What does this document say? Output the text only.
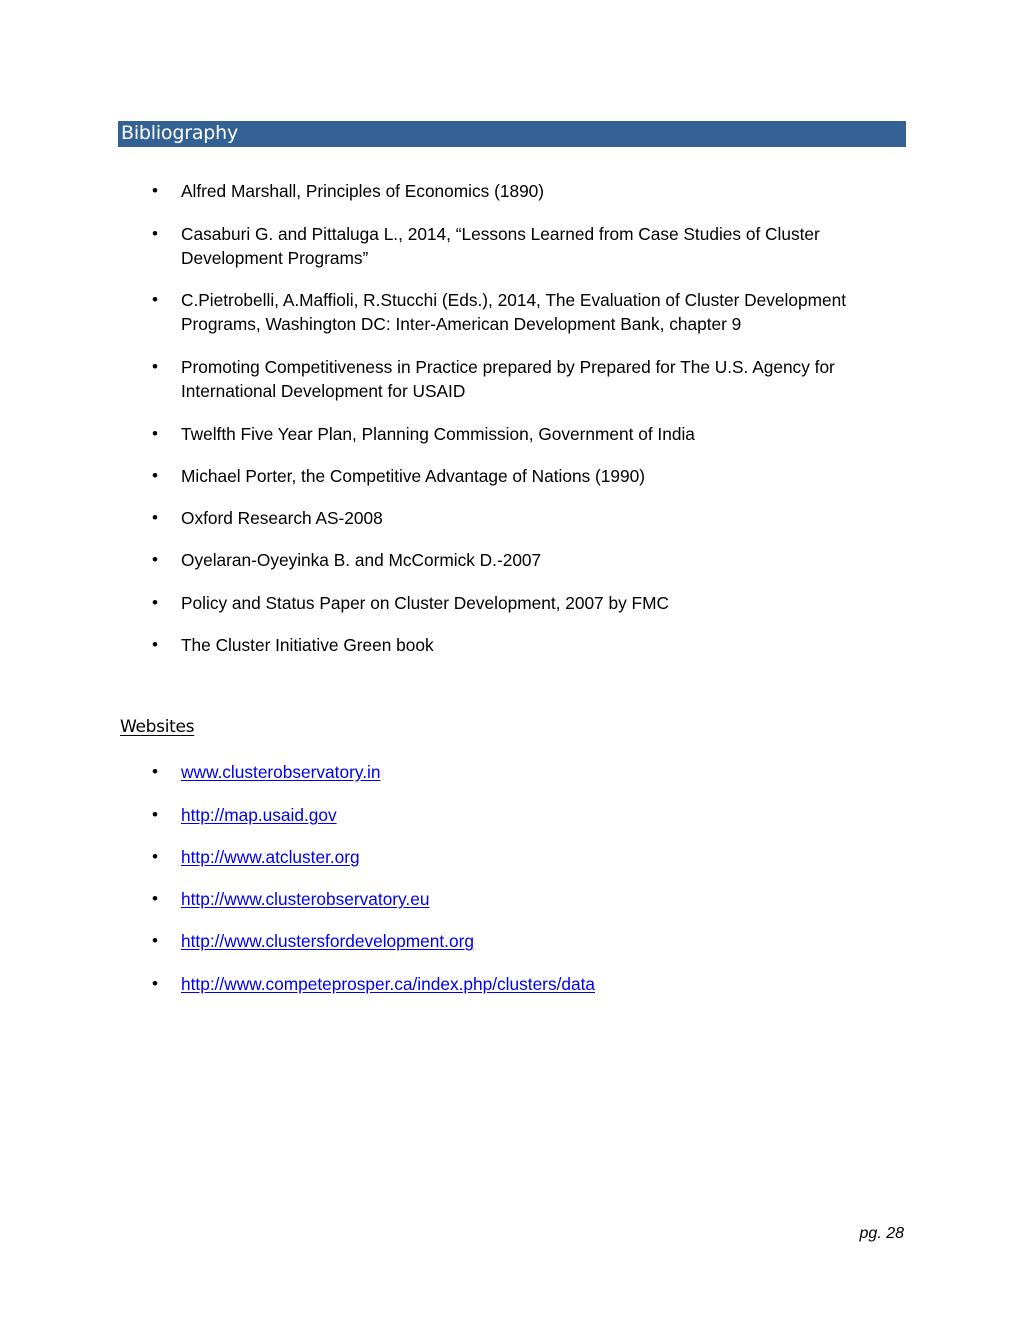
Bibliography
• Alfred Marshall, Principles of Economics (1890)
• Casaburi G. and Pittaluga L., 2014, “Lessons Learned from Case Studies of Cluster
Development Programs”
• C.Pietrobelli, A.Maffioli, R.Stucchi (Eds.), 2014, The Evaluation of Cluster Development
Programs, Washington DC: Inter-American Development Bank, chapter 9
• Promoting Competitiveness in Practice prepared by Prepared for The U.S. Agency for
International Development for USAID
• Twelfth Five Year Plan, Planning Commission, Government of India
• Michael Porter, the Competitive Advantage of Nations (1990)
• Oxford Research AS-2008
• Oyelaran-Oyeyinka B. and McCormick D.-2007
• Policy and Status Paper on Cluster Development, 2007 by FMC
• The Cluster Initiative Green book
Websites
• www.clusterobservatory.in
• http://map.usaid.gov
• http://www.atcluster.org
• http://www.clusterobservatory.eu
• http://www.clustersfordevelopment.org
• http://www.competeprosper.ca/index.php/clusters/data
pg. 28
